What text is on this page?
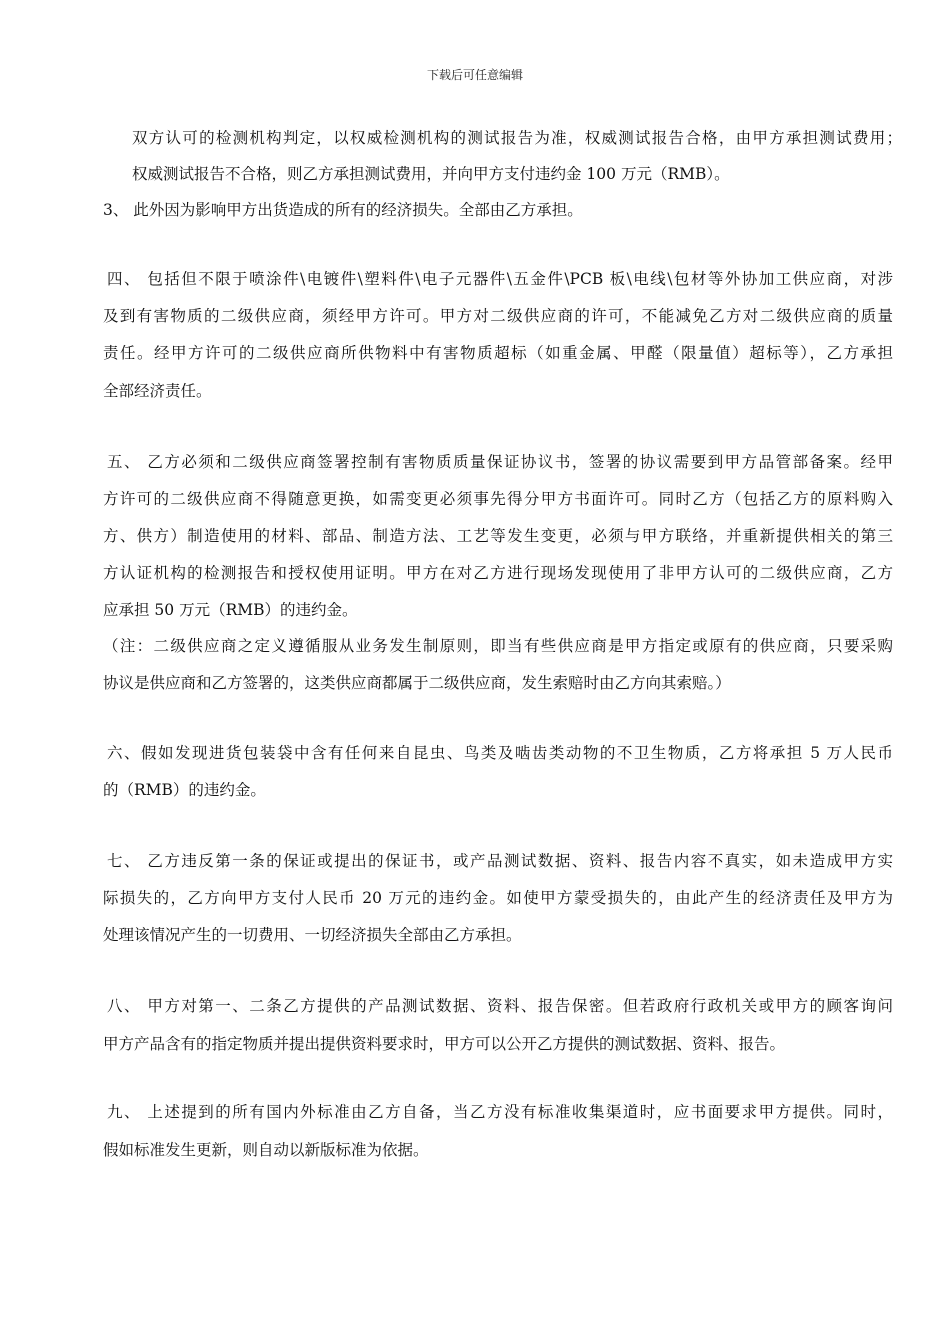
下载后可任意编辑
双方认可的检测机构判定，以权威检测机构的测试报告为准，权威测试报告合格，由甲方承担测试费用；
权威测试报告不合格，则乙方承担测试费用，并向甲方支付违约金 100 万元（RMB）。
3、 此外因为影响甲方出货造成的所有的经济损失。全部由乙方承担。
四、 包括但不限于喷涂件\电镀件\塑料件\电子元器件\五金件\PCB 板\电线\包材等外协加工供应商，对涉
及到有害物质的二级供应商，须经甲方许可。甲方对二级供应商的许可，不能减免乙方对二级供应商的质量
责任。经甲方许可的二级供应商所供物料中有害物质超标（如重金属、甲醛（限量值）超标等），乙方承担
全部经济责任。
五、 乙方必须和二级供应商签署控制有害物质质量保证协议书，签署的协议需要到甲方品管部备案。经甲
方许可的二级供应商不得随意更换，如需变更必须事先得分甲方书面许可。同时乙方（包括乙方的原料购入
方、供方）制造使用的材料、部品、制造方法、工艺等发生变更，必须与甲方联络，并重新提供相关的第三
方认证机构的检测报告和授权使用证明。甲方在对乙方进行现场发现使用了非甲方认可的二级供应商，乙方
应承担 50 万元（RMB）的违约金。
（注：二级供应商之定义遵循服从业务发生制原则，即当有些供应商是甲方指定或原有的供应商，只要采购
协议是供应商和乙方签署的，这类供应商都属于二级供应商，发生索赔时由乙方向其索赔。）
六、假如发现进货包装袋中含有任何来自昆虫、鸟类及啮齿类动物的不卫生物质，乙方将承担 5 万人民币
的（RMB）的违约金。
七、 乙方违反第一条的保证或提出的保证书，或产品测试数据、资料、报告内容不真实，如未造成甲方实
际损失的，乙方向甲方支付人民币 20 万元的违约金。如使甲方蒙受损失的，由此产生的经济责任及甲方为
处理该情况产生的一切费用、一切经济损失全部由乙方承担。
八、 甲方对第一、二条乙方提供的产品测试数据、资料、报告保密。但若政府行政机关或甲方的顾客询问
甲方产品含有的指定物质并提出提供资料要求时，甲方可以公开乙方提供的测试数据、资料、报告。
九、 上述提到的所有国内外标准由乙方自备，当乙方没有标准收集渠道时，应书面要求甲方提供。同时，
假如标准发生更新，则自动以新版标准为依据。
